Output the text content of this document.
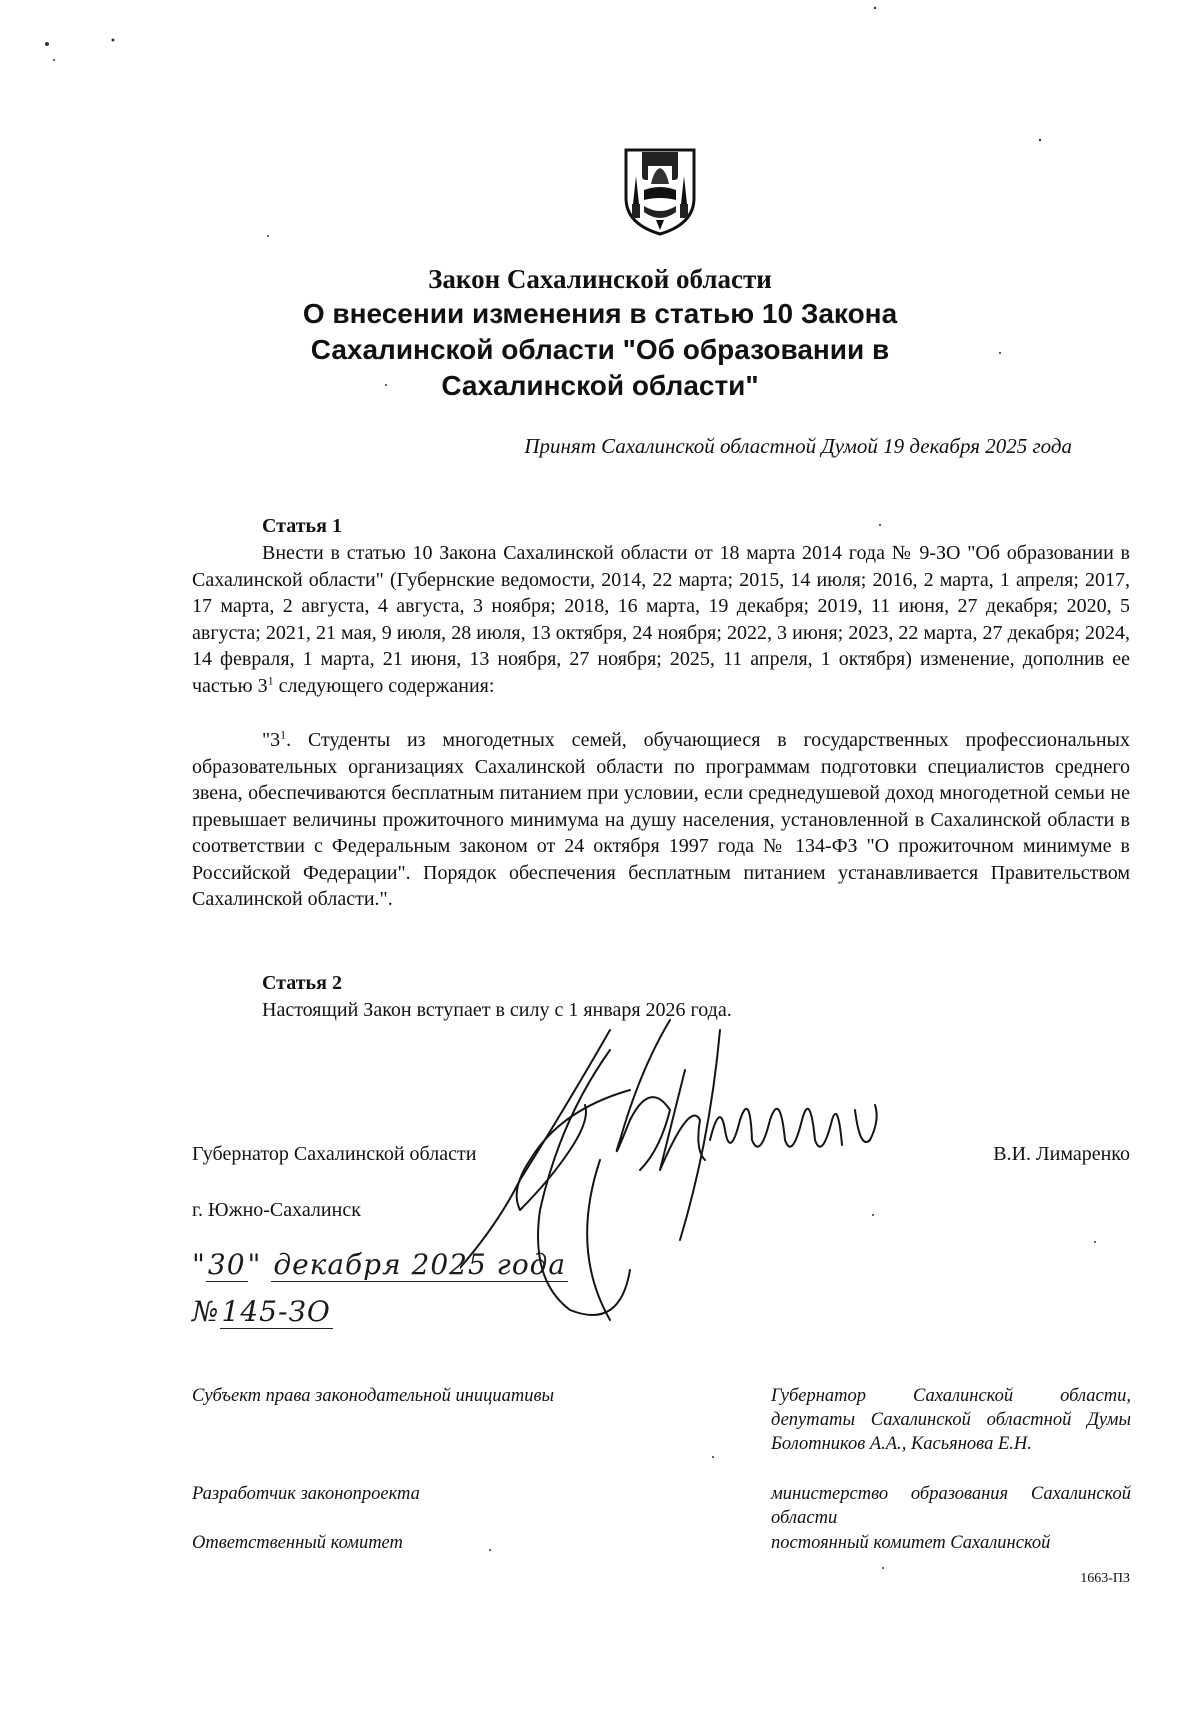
Закон Сахалинской области
О внесении изменения в статью 10 Закона
Сахалинской области "Об образовании в
Сахалинской области"
Принят Сахалинской областной Думой 19 декабря 2025 года
Статья 1
Внести в статью 10 Закона Сахалинской области от 18 марта 2014 года № 9-ЗО "Об образовании в Сахалинской области" (Губернские ведомости, 2014, 22 марта; 2015, 14 июля; 2016, 2 марта, 1 апреля; 2017, 17 марта, 2 августа, 4 августа, 3 ноября; 2018, 16 марта, 19 декабря; 2019, 11 июня, 27 декабря; 2020, 5 августа; 2021, 21 мая, 9 июля, 28 июля, 13 октября, 24 ноября; 2022, 3 июня; 2023, 22 марта, 27 декабря; 2024, 14 февраля, 1 марта, 21 июня, 13 ноября, 27 ноября; 2025, 11 апреля, 1 октября) изменение, дополнив ее частью $3^1$ следующего содержания:
"$3^1$. Студенты из многодетных семей, обучающиеся в государственных профессиональных образовательных организациях Сахалинской области по программам подготовки специалистов среднего звена, обеспечиваются бесплатным питанием при условии, если среднедушевой доход многодетной семьи не превышает величины прожиточного минимума на душу населения, установленной в Сахалинской области в соответствии с Федеральным законом от 24 октября 1997 года № 134-ФЗ "О прожиточном минимуме в Российской Федерации". Порядок обеспечения бесплатным питанием устанавливается Правительством Сахалинской области.".
Статья 2
Настоящий Закон вступает в силу с 1 января 2026 года.
Губернатор Сахалинской области	В.И. Лимаренко
г. Южно-Сахалинск
"30" декабря 2025 года
№145-ЗО
Субъект права законодательной инициативы	Губернатор Сахалинской области, депутаты Сахалинской областной Думы Болотников А.А., Касьянова Е.Н.
Разработчик законопроекта	министерство образования Сахалинской области
Ответственный комитет	постоянный комитет Сахалинской
1663-ПЗ
